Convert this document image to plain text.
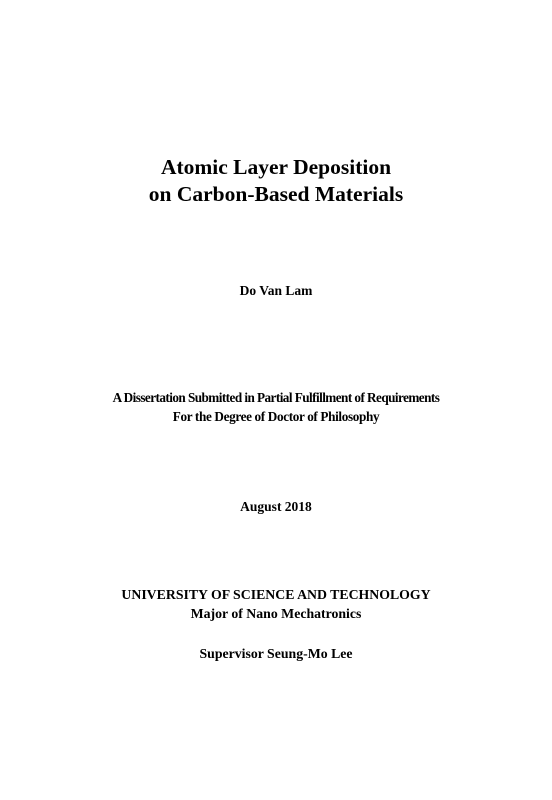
Atomic Layer Deposition
on Carbon-Based Materials
Do Van Lam
A Dissertation Submitted in Partial Fulfillment of Requirements
For the Degree of Doctor of Philosophy
August 2018
UNIVERSITY OF SCIENCE AND TECHNOLOGY
Major of Nano Mechatronics
Supervisor Seung-Mo Lee
